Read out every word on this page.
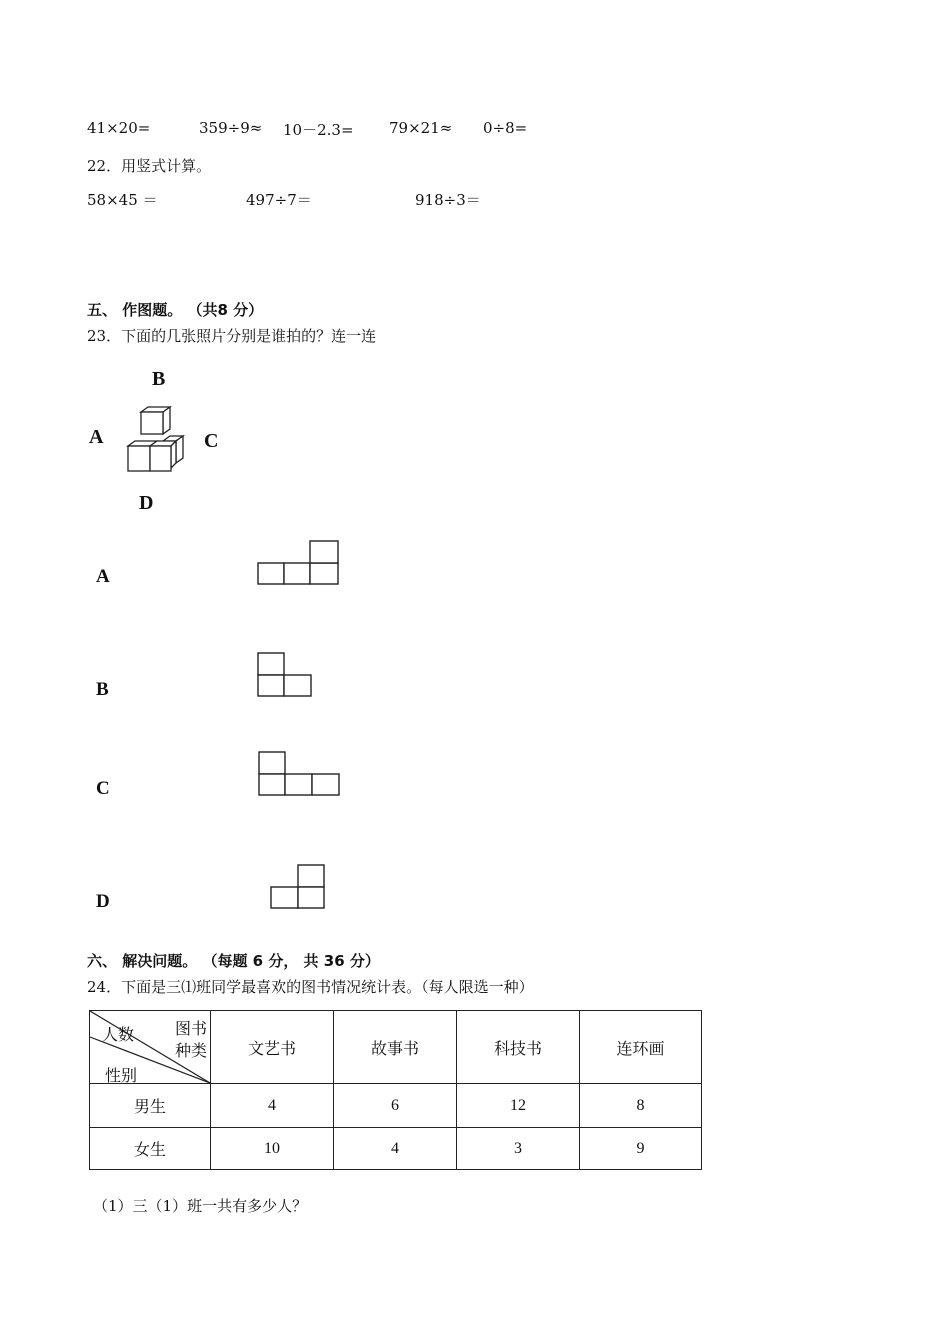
41×20=	359÷9≈ 10－2.3= 79×21≈ 0÷8=
22．用竖式计算。
58×45 ＝	497÷7＝	918÷3＝
五、 作图题。 （共8 分）
23．下面的几张照片分别是谁拍的？连一连
B
A	C
D
A
B
C
D
六、 解决问题。 （每题 6 分， 共 36 分）
24．下面是三⑴班同学最喜欢的图书情况统计表。（每人限选一种）
图书
种类
人数
性别	文艺书	故事书	科技书	连环画
男生	4	6	12	8
女生	10	4	3	9
（1）三（1）班一共有多少人？
